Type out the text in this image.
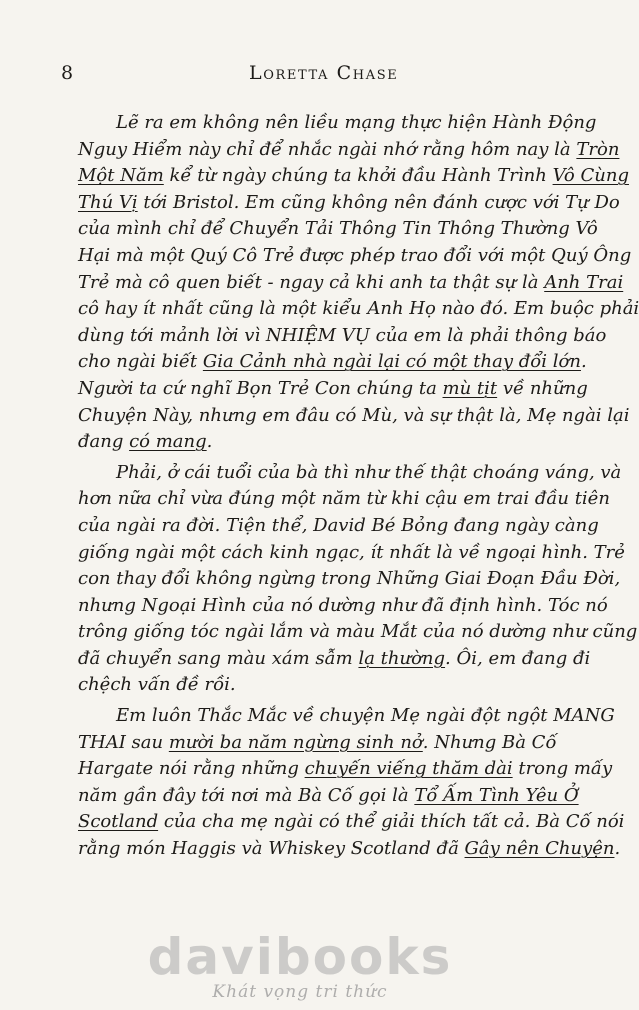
8	Loretta Chase
Lẽ ra em không nên liều mạng thực hiện Hành Động
Nguy Hiểm này chỉ để nhắc ngài nhớ rằng hôm nay là Tròn
Một Năm kể từ ngày chúng ta khởi đầu Hành Trình Vô Cùng
Thú Vị tới Bristol. Em cũng không nên đánh cược với Tự Do
của mình chỉ để Chuyển Tải Thông Tin Thông Thường Vô
Hại mà một Quý Cô Trẻ được phép trao đổi với một Quý Ông
Trẻ mà cô quen biết - ngay cả khi anh ta thật sự là Anh Trai
cô hay ít nhất cũng là một kiểu Anh Họ nào đó. Em buộc phải
dùng tới mảnh lời vì NHIỆM VỤ của em là phải thông báo
cho ngài biết Gia Cảnh nhà ngài lại có một thay đổi lớn.
Người ta cứ nghĩ Bọn Trẻ Con chúng ta mù tịt về những
Chuyện Này, nhưng em đâu có Mù, và sự thật là, Mẹ ngài lại
đang có mang.
Phải, ở cái tuổi của bà thì như thế thật choáng váng, và
hơn nữa chỉ vừa đúng một năm từ khi cậu em trai đầu tiên
của ngài ra đời. Tiện thể, David Bé Bỏng đang ngày càng
giống ngài một cách kinh ngạc, ít nhất là về ngoại hình. Trẻ
con thay đổi không ngừng trong Những Giai Đoạn Đầu Đời,
nhưng Ngoại Hình của nó dường như đã định hình. Tóc nó
trông giống tóc ngài lắm và màu Mắt của nó dường như cũng
đã chuyển sang màu xám sẫm lạ thường. Ôi, em đang đi
chệch vấn đề rồi.
Em luôn Thắc Mắc về chuyện Mẹ ngài đột ngột MANG
THAI sau mười ba năm ngừng sinh nở. Nhưng Bà Cố
Hargate nói rằng những chuyến viếng thăm dài trong mấy
năm gần đây tới nơi mà Bà Cố gọi là Tổ Ấm Tình Yêu Ở
Scotland của cha mẹ ngài có thể giải thích tất cả. Bà Cố nói
rằng món Haggis và Whiskey Scotland đã Gây nên Chuyện.
davibooks
Khát vọng tri thức
